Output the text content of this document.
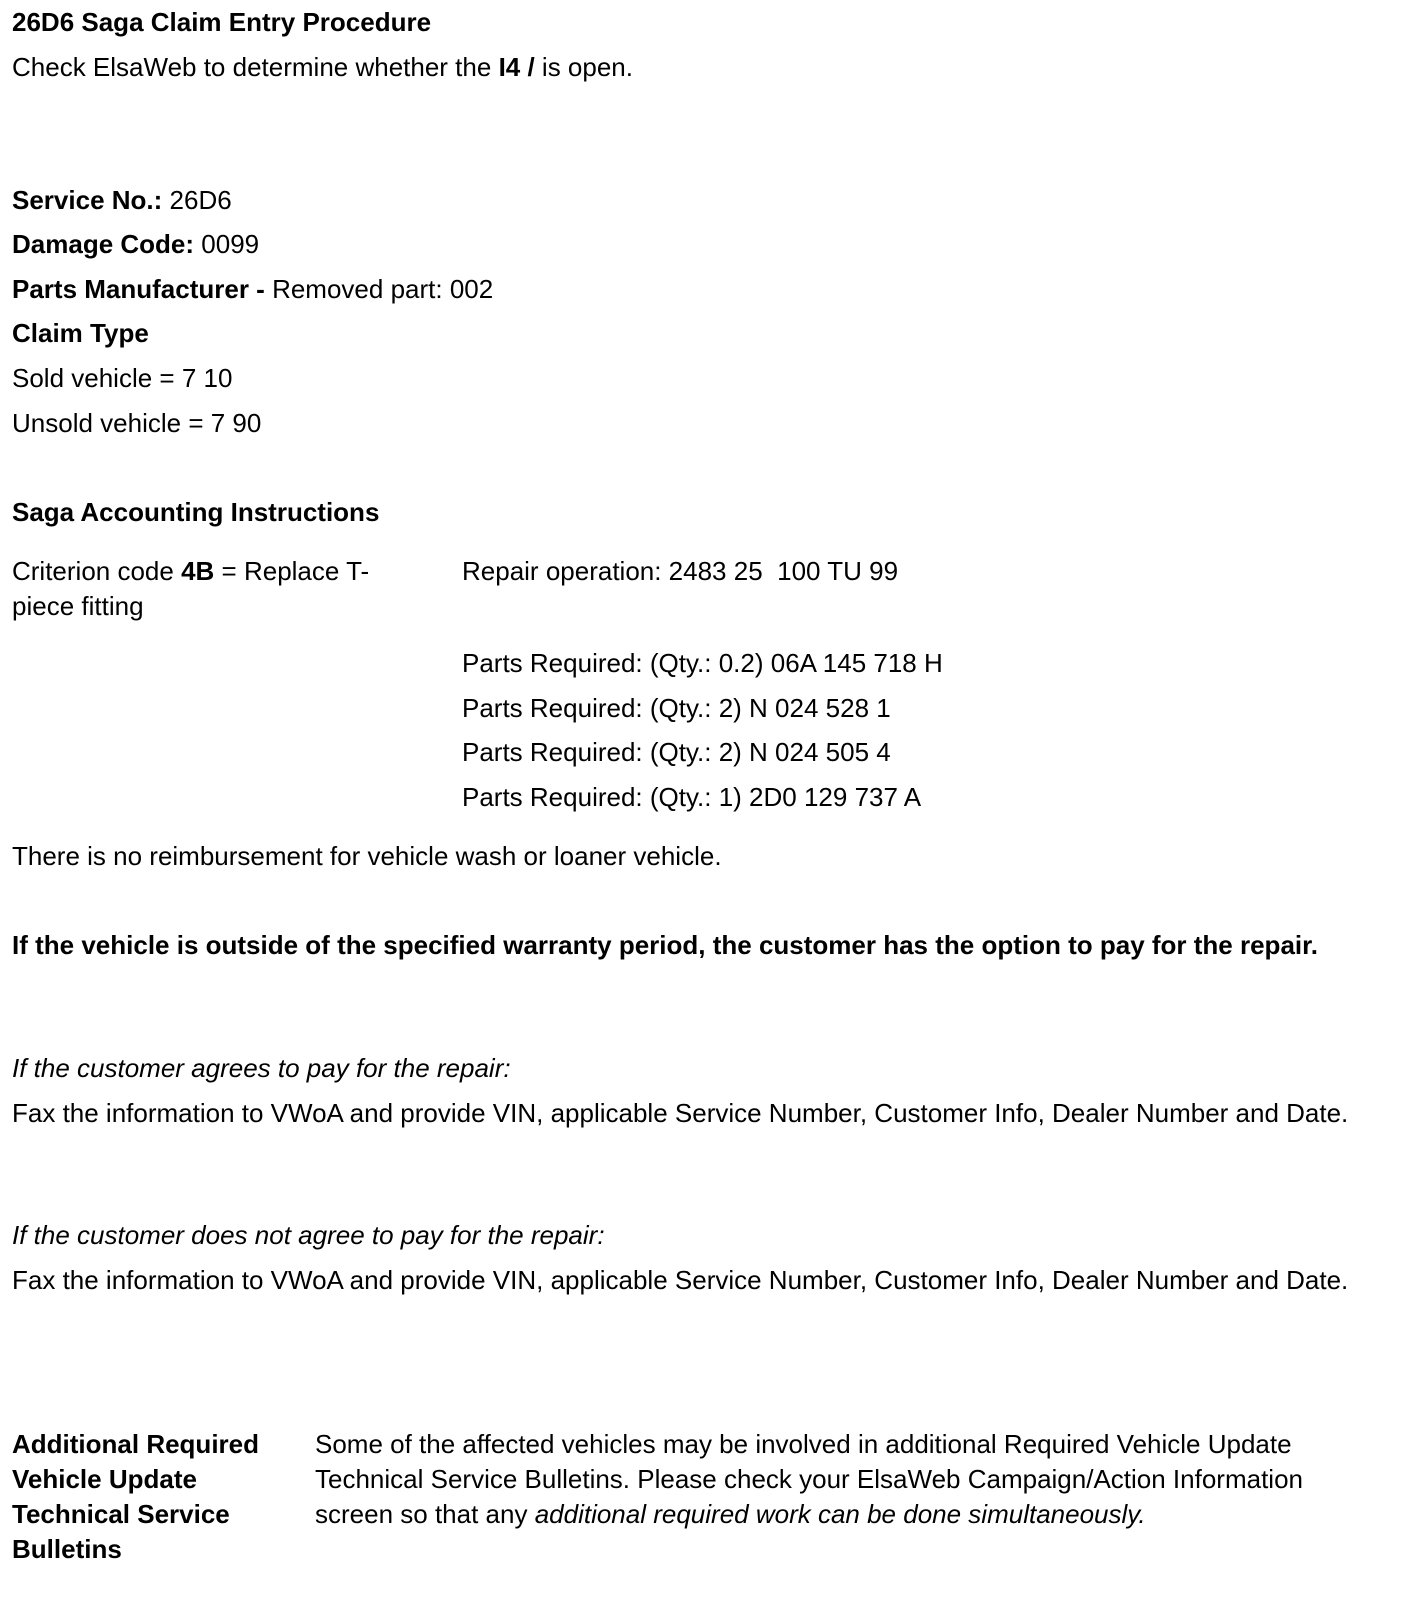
26D6 Saga Claim Entry Procedure
Check ElsaWeb to determine whether the I4 / is open.
Service No.: 26D6
Damage Code: 0099
Parts Manufacturer - Removed part: 002
Claim Type
Sold vehicle = 7 10
Unsold vehicle = 7 90
Saga Accounting Instructions
Criterion code 4B = Replace T-piece fitting
Repair operation: 2483 25  100 TU 99
Parts Required: (Qty.: 0.2) 06A 145 718 H
Parts Required: (Qty.: 2) N 024 528 1
Parts Required: (Qty.: 2) N 024 505 4
Parts Required: (Qty.: 1) 2D0 129 737 A
There is no reimbursement for vehicle wash or loaner vehicle.
If the vehicle is outside of the specified warranty period, the customer has the option to pay for the repair.
If the customer agrees to pay for the repair:
Fax the information to VWoA and provide VIN, applicable Service Number, Customer Info, Dealer Number and Date.
If the customer does not agree to pay for the repair:
Fax the information to VWoA and provide VIN, applicable Service Number, Customer Info, Dealer Number and Date.
Additional Required Vehicle Update Technical Service Bulletins
Some of the affected vehicles may be involved in additional Required Vehicle Update Technical Service Bulletins. Please check your ElsaWeb Campaign/Action Information screen so that any additional required work can be done simultaneously.
